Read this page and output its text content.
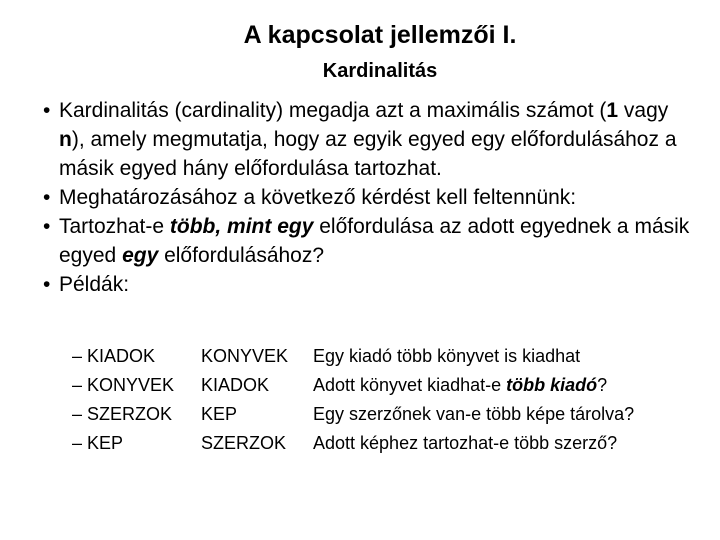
A kapcsolat jellemzői I.
Kardinalitás
• Kardinalitás (cardinality) megadja azt a maximális számot (1 vagy n), amely megmutatja, hogy az egyik egyed egy előfordulásához a másik egyed hány előfordulása tartozhat.
• Meghatározásához a következő kérdést kell feltennünk:
• Tartozhat-e több, mint egy előfordulása az adott egyednek a másik egyed egy előfordulásához?
• Példák:
– KIADOK	KONYVEK	Egy kiadó több könyvet is kiadhat
– KONYVEK	KIADOK	Adott könyvet kiadhat-e több kiadó?
– SZERZOK	KEP	Egy szerzőnek van-e több képe tárolva?
– KEP	SZERZOK	Adott képhez tartozhat-e több szerző?
